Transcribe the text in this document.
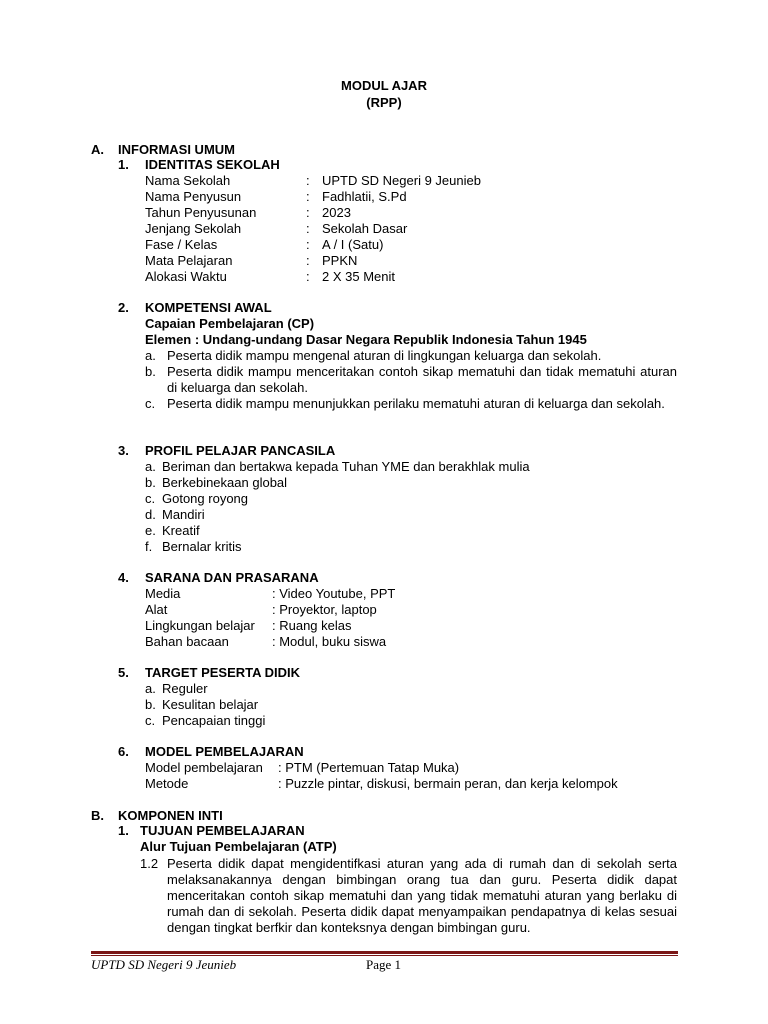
MODUL AJAR
(RPP)
A. INFORMASI UMUM
1. IDENTITAS SEKOLAH
Nama Sekolah	: UPTD SD Negeri 9 Jeunieb
Nama Penyusun	: Fadhlatii, S.Pd
Tahun Penyusunan	: 2023
Jenjang Sekolah	: Sekolah Dasar
Fase / Kelas	: A / I (Satu)
Mata Pelajaran	: PPKN
Alokasi Waktu	: 2 X 35 Menit
2. KOMPETENSI AWAL
Capaian Pembelajaran (CP)
Elemen : Undang-undang Dasar Negara Republik Indonesia Tahun 1945
a. Peserta didik mampu mengenal aturan di lingkungan keluarga dan sekolah.
b. Peserta didik mampu menceritakan contoh sikap mematuhi dan tidak mematuhi aturan di keluarga dan sekolah.
c. Peserta didik mampu menunjukkan perilaku mematuhi aturan di keluarga dan sekolah.
3. PROFIL PELAJAR PANCASILA
a. Beriman dan bertakwa kepada Tuhan YME dan berakhlak mulia
b. Berkebinekaan global
c. Gotong royong
d. Mandiri
e. Kreatif
f. Bernalar kritis
4. SARANA DAN PRASARANA
Media	: Video Youtube, PPT
Alat	: Proyektor, laptop
Lingkungan belajar : Ruang kelas
Bahan bacaan	: Modul, buku siswa
5. TARGET PESERTA DIDIK
a. Reguler
b. Kesulitan belajar
c. Pencapaian tinggi
6. MODEL PEMBELAJARAN
Model pembelajaran : PTM (Pertemuan Tatap Muka)
Metode	: Puzzle pintar, diskusi, bermain peran, dan kerja kelompok
B. KOMPONEN INTI
1. TUJUAN PEMBELAJARAN
Alur Tujuan Pembelajaran (ATP)
1.2 Peserta didik dapat mengidentifkasi aturan yang ada di rumah dan di sekolah serta melaksanakannya dengan bimbingan orang tua dan guru. Peserta didik dapat menceritakan contoh sikap mematuhi dan yang tidak mematuhi aturan yang berlaku di rumah dan di sekolah. Peserta didik dapat menyampaikan pendapatnya di kelas sesuai dengan tingkat berfkir dan konteksnya dengan bimbingan guru.
UPTD SD Negeri 9 Jeunieb	Page 1
